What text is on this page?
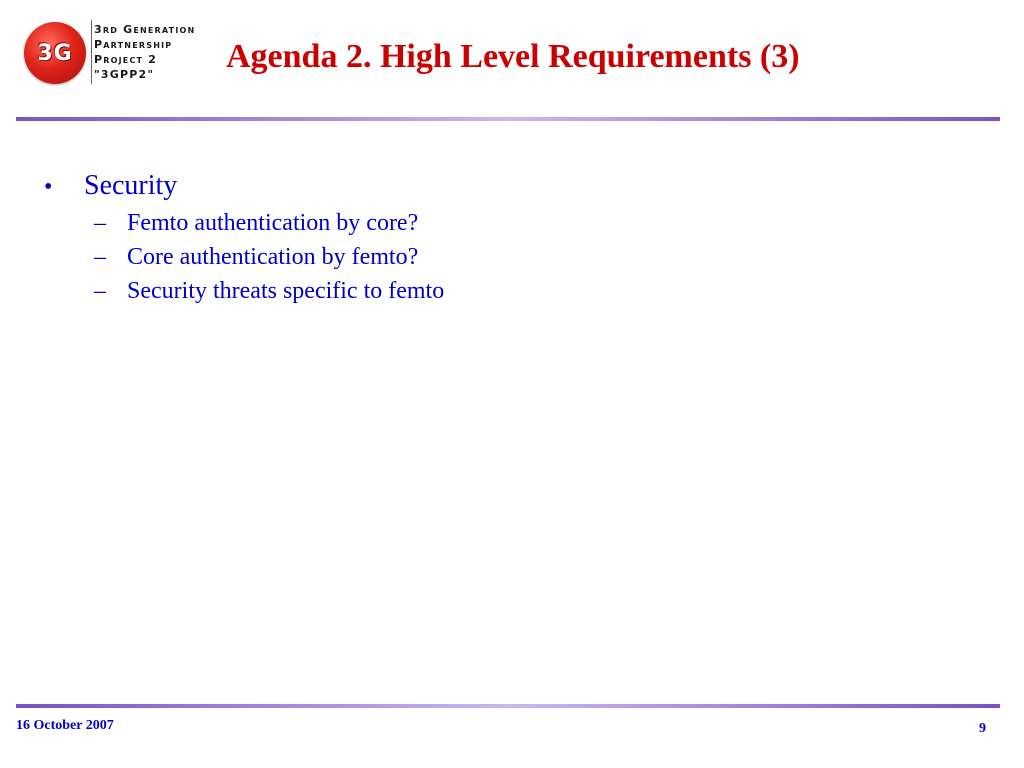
3G
3rd Generation
Partnership
Project 2
"3GPP2"	Agenda 2. High Level Requirements (3)
•	Security
– Femto authentication by core?
– Core authentication by femto?
– Security threats specific to femto
16 October 2007	9
